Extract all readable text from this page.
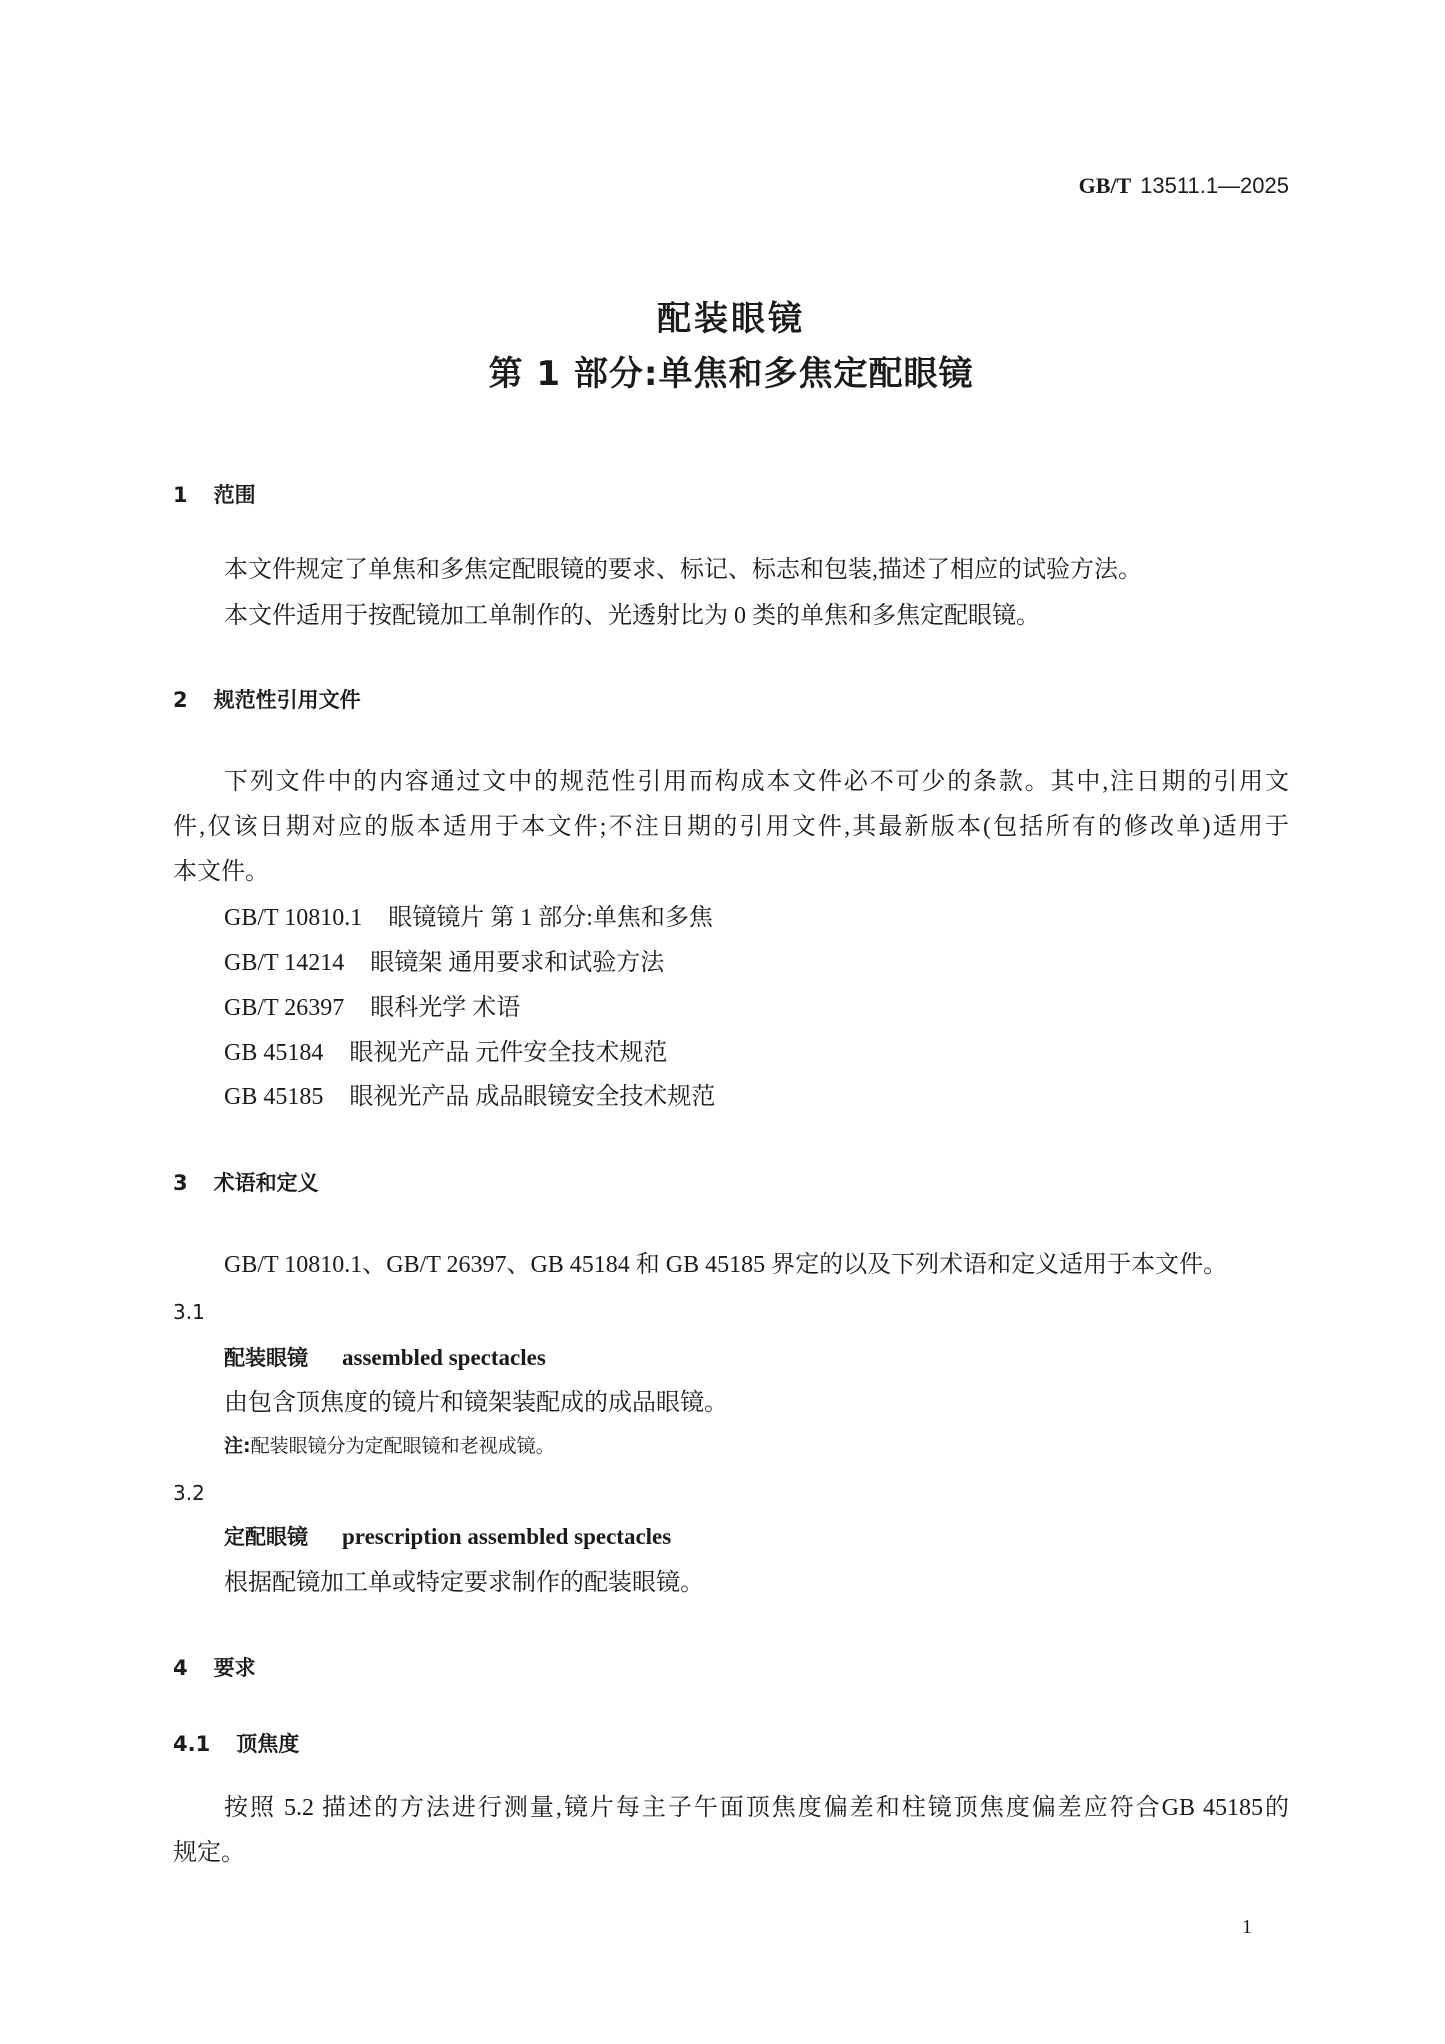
GB/T 13511.1—2025
配装眼镜
第 1 部分:单焦和多焦定配眼镜
1 范围
本文件规定了单焦和多焦定配眼镜的要求、标记、标志和包装,描述了相应的试验方法。
本文件适用于按配镜加工单制作的、光透射比为 0 类的单焦和多焦定配眼镜。
2 规范性引用文件
下列文件中的内容通过文中的规范性引用而构成本文件必不可少的条款。其中,注日期的引用文
件,仅该日期对应的版本适用于本文件;不注日期的引用文件,其最新版本(包括所有的修改单)适用于
本文件。
GB/T 10810.1 眼镜镜片 第 1 部分:单焦和多焦
GB/T 14214 眼镜架 通用要求和试验方法
GB/T 26397 眼科光学 术语
GB 45184 眼视光产品 元件安全技术规范
GB 45185 眼视光产品 成品眼镜安全技术规范
3 术语和定义
GB/T 10810.1、GB/T 26397、GB 45184 和 GB 45185 界定的以及下列术语和定义适用于本文件。
3.1
配装眼镜 assembled spectacles
由包含顶焦度的镜片和镜架装配成的成品眼镜。
注:配装眼镜分为定配眼镜和老视成镜。
3.2
定配眼镜 prescription assembled spectacles
根据配镜加工单或特定要求制作的配装眼镜。
4 要求
4.1 顶焦度
按照 5.2 描述的方法进行测量,镜片每主子午面顶焦度偏差和柱镜顶焦度偏差应符合GB 45185的
规定。
1
